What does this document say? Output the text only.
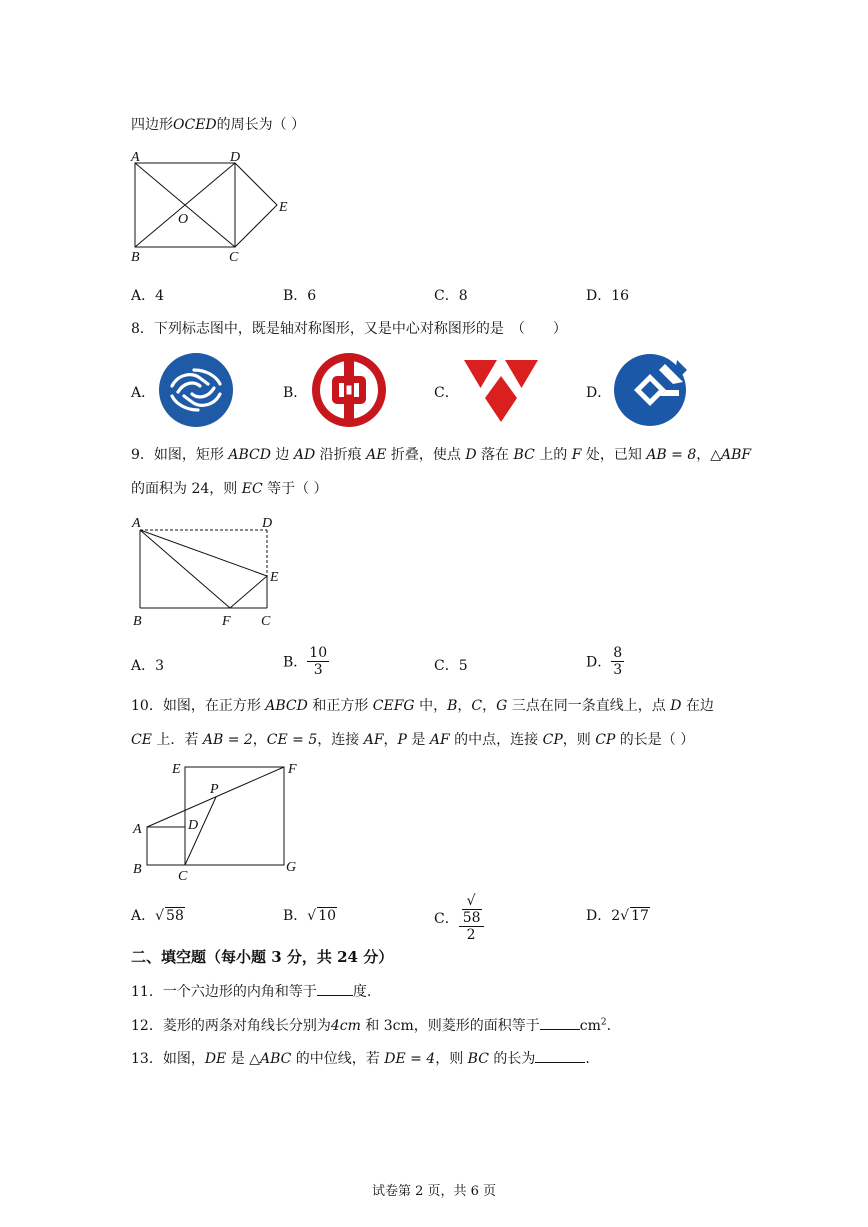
四边形OCED的周长为（ ）
A	D
E
O
B	C
A．4	B．6	C．8	D．16
8．下列标志图中，既是轴对称图形，又是中心对称图形的是　（　　）
A．	B．	C．	D．
9．如图，矩形 ABCD 边 AD 沿折痕 AE 折叠，使点 D 落在 BC 上的 F 处，已知 AB = 8，△ABF
的面积为 24，则 EC 等于（ ）
A	D
E
B	F C
A．3	B． $\frac{10}{3}$	C．5	D． $\frac{8}{3}$
10．如图，在正方形 ABCD 和正方形 CEFG 中，B，C，G 三点在同一条直线上，点 D 在边
CE 上．若 AB = 2，CE = 5，连接 AF，P 是 AF 的中点，连接 CP，则 CP 的长是（ ）
E	F
P
D
A
B	C
G
A．√ 58	B．√ 10	C． √
58
2	D．2√ 17
二、填空题（每小题 3 分，共 24 分）
11．一个六边形的内角和等于	度.
12．菱形的两条对角线长分别为4cm 和 3cm，则菱形的面积等于	$cm^2$.
13．如图，DE 是 △ABC 的中位线，若 DE = 4，则 BC 的长为	.
试卷第 2 页，共 6 页
